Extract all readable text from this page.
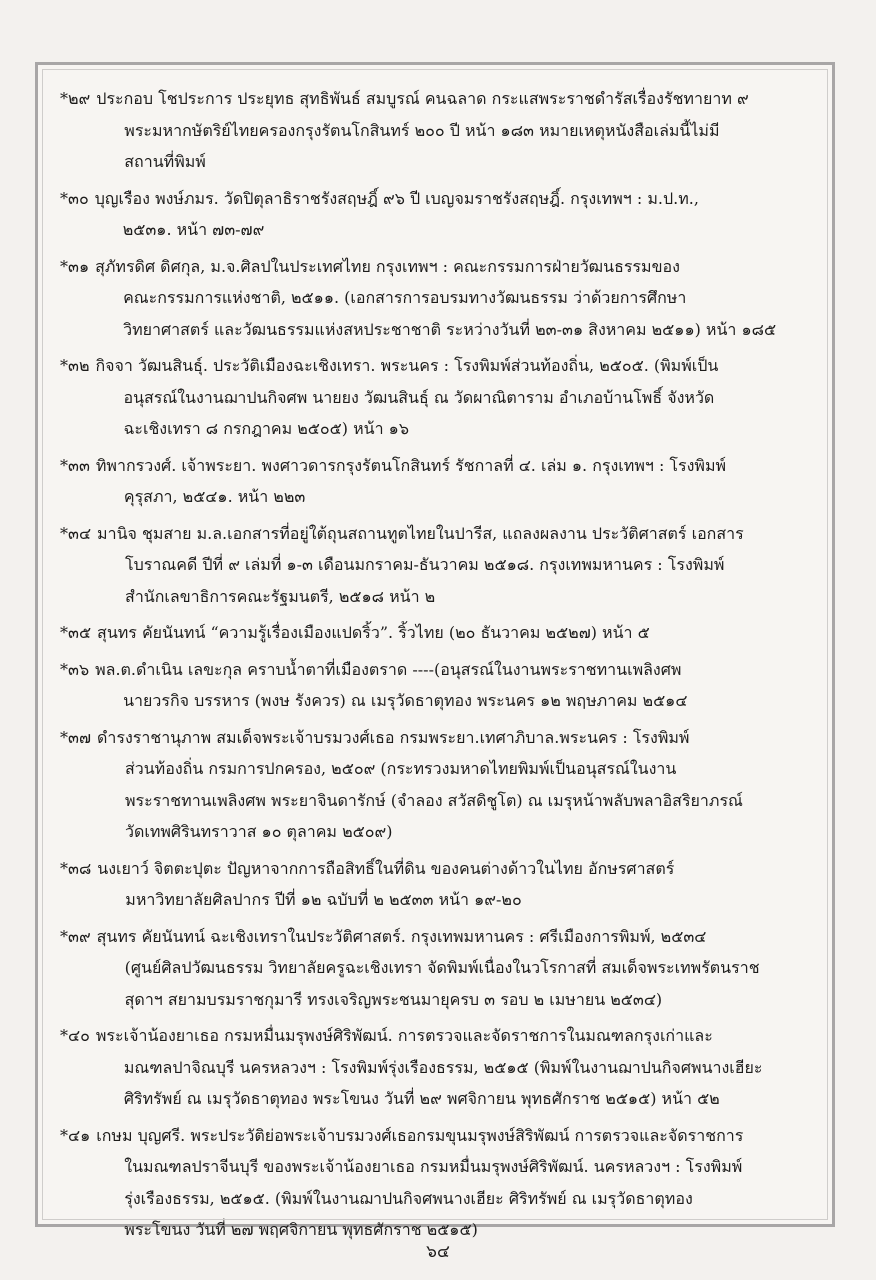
*๒๙ ประกอบ โชประการ ประยุทธ สุทธิพันธ์ สมบูรณ์ คนฉลาด กระแสพระราชดำรัสเรื่องรัชทายาท ๙
พระมหากษัตริย์ไทยครองกรุงรัตนโกสินทร์ ๒๐๐ ปี หน้า ๑๘๓ หมายเหตุหนังสือเล่มนี้ไม่มี
สถานที่พิมพ์
*๓๐ บุญเรือง พงษ์ภมร. วัดปิตุลาธิราชรังสฤษฎิ์ ๙๖ ปี เบญจมราชรังสฤษฎิ์. กรุงเทพฯ : ม.ป.ท.,
๒๕๓๑. หน้า ๗๓-๗๙
*๓๑ สุภัทรดิศ ดิศกุล, ม.จ.ศิลปในประเทศไทย กรุงเทพฯ : คณะกรรมการฝ่ายวัฒนธรรมของ
คณะกรรมการแห่งชาติ, ๒๕๑๑. (เอกสารการอบรมทางวัฒนธรรม ว่าด้วยการศึกษา
วิทยาศาสตร์ และวัฒนธรรมแห่งสหประชาชาติ ระหว่างวันที่ ๒๓-๓๑ สิงหาคม ๒๕๑๑) หน้า ๑๘๕
*๓๒ กิจจา วัฒนสินธุ์. ประวัติเมืองฉะเชิงเทรา. พระนคร : โรงพิมพ์ส่วนท้องถิ่น, ๒๕๐๕. (พิมพ์เป็น
อนุสรณ์ในงานฌาปนกิจศพ นายยง วัฒนสินธุ์ ณ วัดผาณิตาราม อำเภอบ้านโพธิ์ จังหวัด
ฉะเชิงเทรา ๘ กรกฎาคม ๒๕๐๕) หน้า ๑๖
*๓๓ ทิพากรวงศ์. เจ้าพระยา. พงศาวดารกรุงรัตนโกสินทร์ รัชกาลที่ ๔. เล่ม ๑. กรุงเทพฯ : โรงพิมพ์
คุรุสภา, ๒๕๔๑. หน้า ๒๒๓
*๓๔ มานิจ ชุมสาย ม.ล.เอกสารที่อยู่ใต้ถุนสถานทูตไทยในปารีส, แถลงผลงาน ประวัติศาสตร์ เอกสาร
โบราณคดี ปีที่ ๙ เล่มที่ ๑-๓ เดือนมกราคม-ธันวาคม ๒๕๑๘. กรุงเทพมหานคร : โรงพิมพ์
สำนักเลขาธิการคณะรัฐมนตรี, ๒๕๑๘ หน้า ๒
*๓๕ สุนทร คัยนันทน์ “ความรู้เรื่องเมืองแปดริ้ว”. ริ้วไทย (๒๐ ธันวาคม ๒๕๒๗) หน้า ๕
*๓๖ พล.ต.ดำเนิน เลขะกุล คราบน้ำตาที่เมืองตราด ----(อนุสรณ์ในงานพระราชทานเพลิงศพ
นายวรกิจ บรรหาร (พงษ รังควร) ณ เมรุวัดธาตุทอง พระนคร ๑๒ พฤษภาคม ๒๕๑๔
*๓๗ ดำรงราชานุภาพ สมเด็จพระเจ้าบรมวงศ์เธอ กรมพระยา.เทศาภิบาล.พระนคร : โรงพิมพ์
ส่วนท้องถิ่น กรมการปกครอง, ๒๕๐๙ (กระทรวงมหาดไทยพิมพ์เป็นอนุสรณ์ในงาน
พระราชทานเพลิงศพ พระยาจินดารักษ์ (จำลอง สวัสดิชูโต) ณ เมรุหน้าพลับพลาอิสริยาภรณ์
วัดเทพศิรินทราวาส ๑๐ ตุลาคม ๒๕๐๙)
*๓๘ นงเยาว์ จิตตะปุตะ ปัญหาจากการถือสิทธิ์ในที่ดิน ของคนต่างด้าวในไทย อักษรศาสตร์
มหาวิทยาลัยศิลปากร ปีที่ ๑๒ ฉบับที่ ๒ ๒๕๓๓ หน้า ๑๙-๒๐
*๓๙ สุนทร คัยนันทน์ ฉะเชิงเทราในประวัติศาสตร์. กรุงเทพมหานคร : ศรีเมืองการพิมพ์, ๒๕๓๔
(ศูนย์ศิลปวัฒนธรรม วิทยาลัยครูฉะเชิงเทรา จัดพิมพ์เนื่องในวโรกาสที่ สมเด็จพระเทพรัตนราช
สุดาฯ สยามบรมราชกุมารี ทรงเจริญพระชนมายุครบ ๓ รอบ ๒ เมษายน ๒๕๓๔)
*๔๐ พระเจ้าน้องยาเธอ กรมหมื่นมรุพงษ์ศิริพัฒน์. การตรวจและจัดราชการในมณฑลกรุงเก่าและ
มณฑลปาจิณบุรี นครหลวงฯ : โรงพิมพ์รุ่งเรืองธรรม, ๒๕๑๕ (พิมพ์ในงานฌาปนกิจศพนางเฮียะ
ศิริทรัพย์ ณ เมรุวัดธาตุทอง พระโขนง วันที่ ๒๙ พศจิกายน พุทธศักราช ๒๕๑๕) หน้า ๕๒
*๔๑ เกษม บุญศรี. พระประวัติย่อพระเจ้าบรมวงศ์เธอกรมขุนมรุพงษ์สิริพัฒน์ การตรวจและจัดราชการ
ในมณฑลปราจีนบุรี ของพระเจ้าน้องยาเธอ กรมหมื่นมรุพงษ์ศิริพัฒน์. นครหลวงฯ : โรงพิมพ์
รุ่งเรืองธรรม, ๒๕๑๕. (พิมพ์ในงานฌาปนกิจศพนางเฮียะ ศิริทรัพย์ ณ เมรุวัดธาตุทอง
พระโขนง วันที่ ๒๗ พฤศจิกายน พุทธศักราช ๒๕๑๕)
๖๔
